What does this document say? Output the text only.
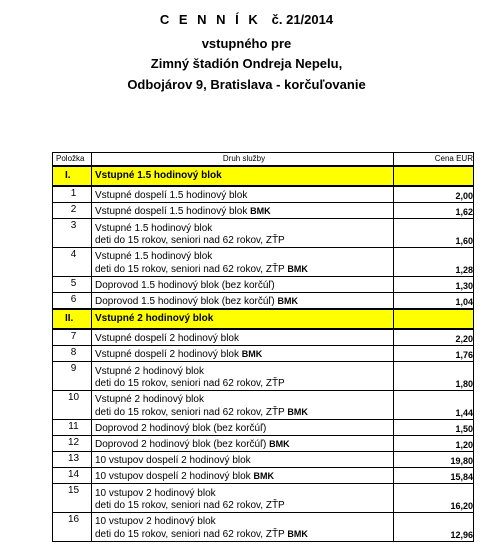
C E N N Í K č. 21/2014
vstupného pre
Zimný štadión Ondreja Nepelu,
Odbojárov 9, Bratislava - korčuľovanie
Položka	Druh služby	Cena EUR
I.	Vstupné 1.5 hodinový blok	
1	Vstupné dospelí 1.5 hodinový blok	2,00
2	Vstupné dospelí 1.5 hodinový blok BMK	1,62
3	Vstupné 1.5 hodinový blok
deti do 15 rokov, seniori nad 62 rokov, ZŤP	1,60
4	Vstupné 1.5 hodinový blok
deti do 15 rokov, seniori nad 62 rokov, ZŤP BMK	1,28
5	Doprovod 1.5 hodinový blok (bez korčúľ)	1,30
6	Doprovod 1.5 hodinový blok (bez korčúľ) BMK	1,04
II.	Vstupné 2 hodinový blok	
7	Vstupné dospelí 2 hodinový blok	2,20
8	Vstupné dospelí 2 hodinový blok BMK	1,76
9	Vstupné 2 hodinový blok
deti do 15 rokov, seniori nad 62 rokov, ZŤP	1,80
10	Vstupné 2 hodinový blok
deti do 15 rokov, seniori nad 62 rokov, ZŤP BMK	1,44
11	Doprovod 2 hodinový blok (bez korčúľ)	1,50
12	Doprovod 2 hodinový blok (bez korčúľ) BMK	1,20
13	10 vstupov dospelí 2 hodinový blok	19,80
14	10 vstupov dospelí 2 hodinový blok BMK	15,84
15	10 vstupov 2 hodinový blok
deti do 15 rokov, seniori nad 62 rokov, ZŤP	16,20
16	10 vstupov 2 hodinový blok
deti do 15 rokov, seniori nad 62 rokov, ZŤP BMK	12,96
